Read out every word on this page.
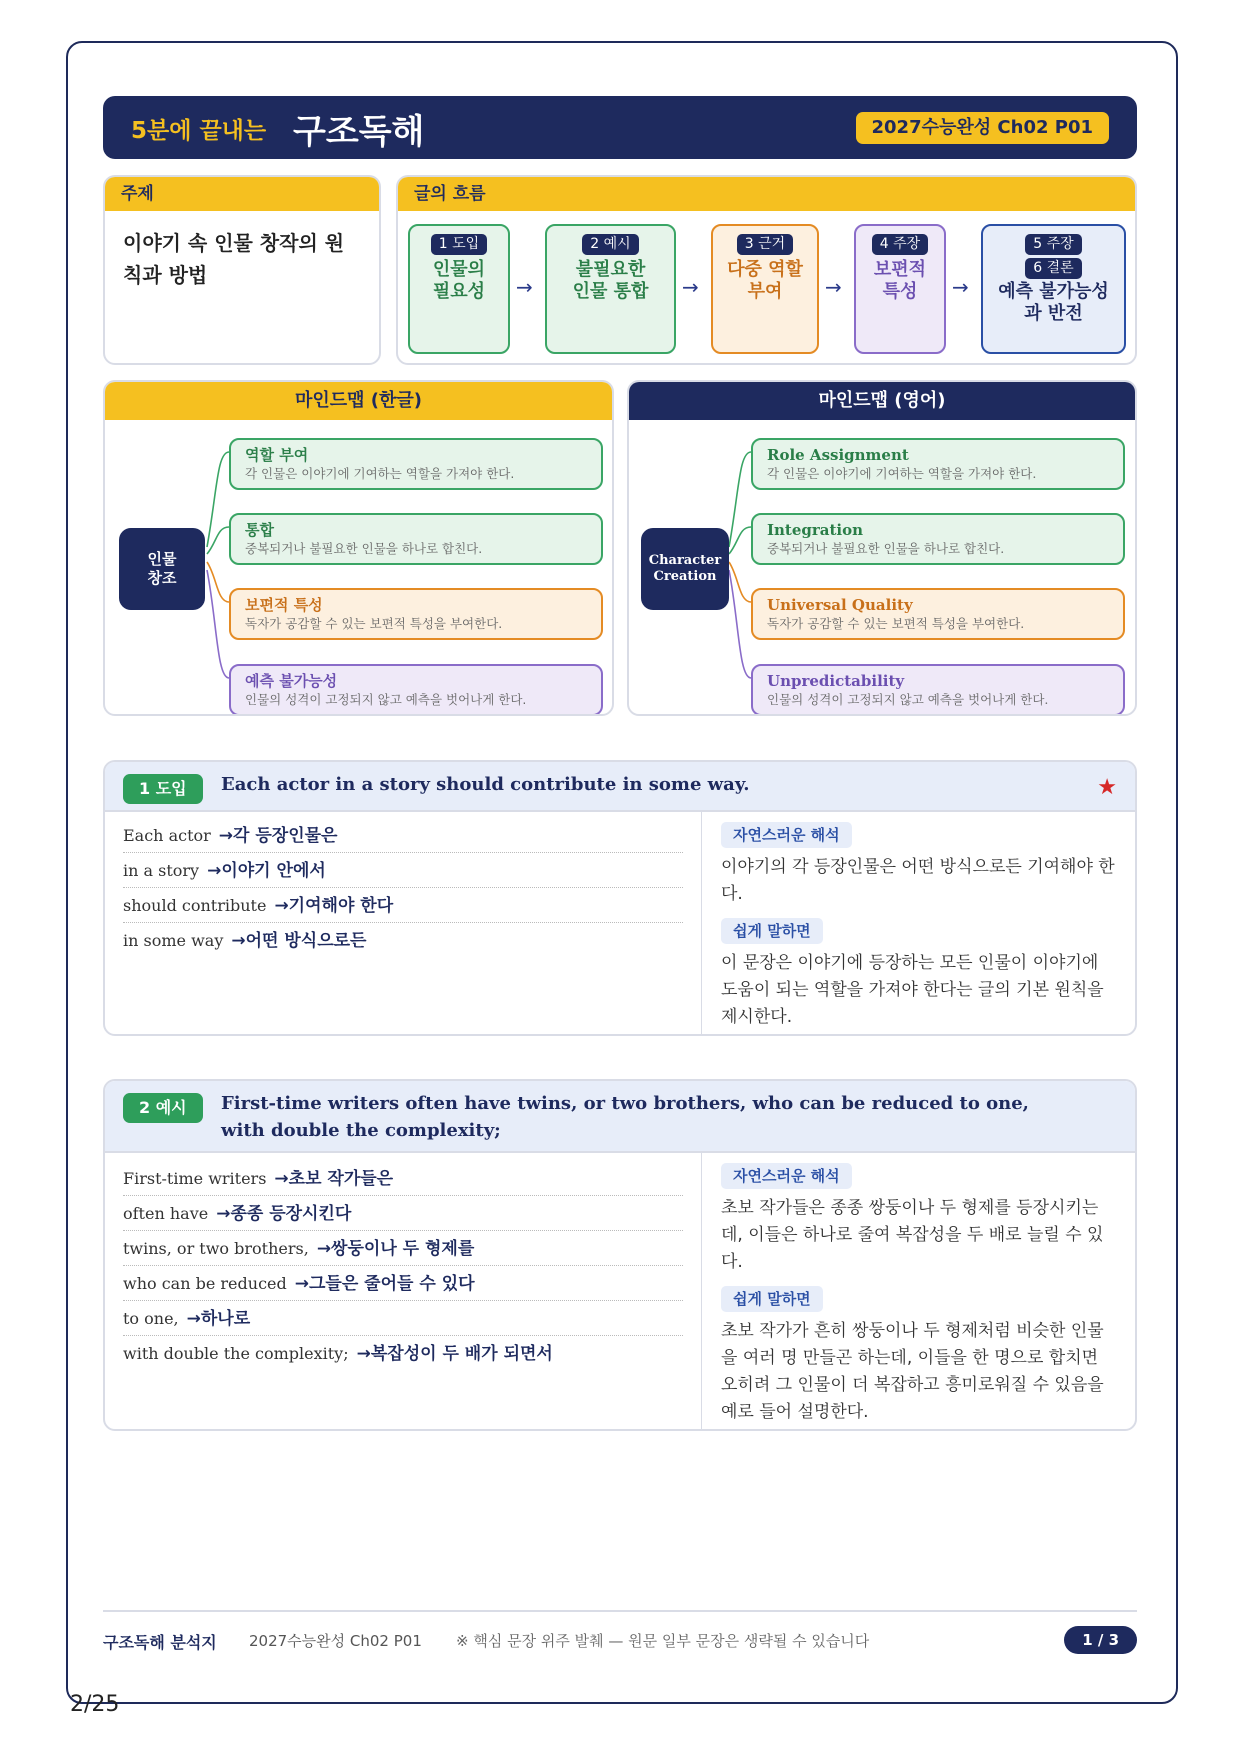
5분에 끝내는 구조독해	2027수능완성 Ch02 P01
주제
이야기 속 인물 창작의 원칙과 방법
글의 흐름
1 도입
인물의 필요성	→
2 예시
불필요한 인물 통합	→
3 근거
다중 역할 부여	→
4 주장
보편적 특성	→
5 주장
6 결론
예측 불가능성과 반전
마인드맵 (한글)
인물 창조
역할 부여
각 인물은 이야기에 기여하는 역할을 가져야 한다.
통합
중복되거나 불필요한 인물을 하나로 합친다.
보편적 특성
독자가 공감할 수 있는 보편적 특성을 부여한다.
예측 불가능성
인물의 성격이 고정되지 않고 예측을 벗어나게 한다.
마인드맵 (영어)
Character Creation
Role Assignment
각 인물은 이야기에 기여하는 역할을 가져야 한다.
Integration
중복되거나 불필요한 인물을 하나로 합친다.
Universal Quality
독자가 공감할 수 있는 보편적 특성을 부여한다.
Unpredictability
인물의 성격이 고정되지 않고 예측을 벗어나게 한다.
1 도입	Each actor in a story should contribute in some way.	★
Each actor →각 등장인물은
in a story →이야기 안에서
should contribute →기여해야 한다
in some way →어떤 방식으로든
자연스러운 해석
이야기의 각 등장인물은 어떤 방식으로든 기여해야 한다.
쉽게 말하면
이 문장은 이야기에 등장하는 모든 인물이 이야기에 도움이 되는 역할을 가져야 한다는 글의 기본 원칙을 제시한다.
2 예시	First-time writers often have twins, or two brothers, who can be reduced to one, with double the complexity;
First-time writers →초보 작가들은
often have →종종 등장시킨다
twins, or two brothers, →쌍둥이나 두 형제를
who can be reduced →그들은 줄어들 수 있다
to one, →하나로
with double the complexity; →복잡성이 두 배가 되면서
자연스러운 해석
초보 작가들은 종종 쌍둥이나 두 형제를 등장시키는데, 이들은 하나로 줄여 복잡성을 두 배로 늘릴 수 있다.
쉽게 말하면
초보 작가가 흔히 쌍둥이나 두 형제처럼 비슷한 인물을 여러 명 만들곤 하는데, 이들을 한 명으로 합치면 오히려 그 인물이 더 복잡하고 흥미로워질 수 있음을 예로 들어 설명한다.
구조독해 분석지 2027수능완성 Ch02 P01 ※ 핵심 문장 위주 발췌 — 원문 일부 문장은 생략될 수 있습니다	1 / 3
2/25
